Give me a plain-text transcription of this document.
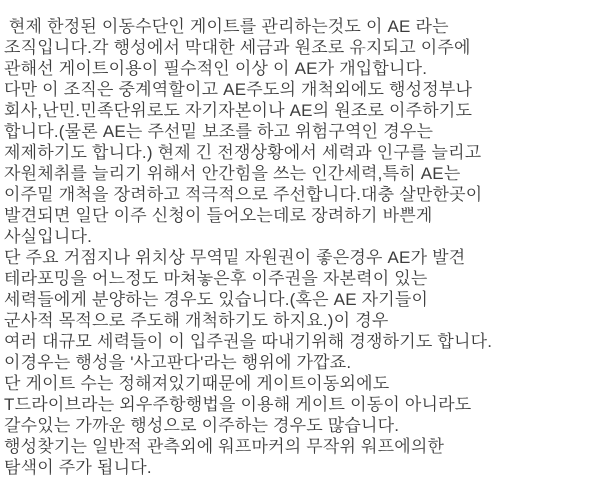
현제 한정된 이동수단인 게이트를 관리하는것도 이 AE 라는
조직입니다.각 행성에서 막대한 세금과 원조로 유지되고 이주에
관해선 게이트이용이 필수적인 이상 이 AE가 개입합니다.
다만 이 조직은 중계역할이고 AE주도의 개척외에도 행성정부나
회사,난민.민족단위로도 자기자본이나 AE의 원조로 이주하기도
합니다.(물론 AE는 주선밑 보조를 하고 위험구역인 경우는
제제하기도 합니다.) 현제 긴 전쟁상황에서 세력과 인구를 늘리고
자원체취를 늘리기 위해서 안간힘을 쓰는 인간세력,특히 AE는
이주밑 개척을 장려하고 적극적으로 주선합니다.대충 살만한곳이
발견되면 일단 이주 신청이 들어오는데로 장려하기 바쁜게
사실입니다.
단 주요 거점지나 위치상 무역밑 자원권이 좋은경우 AE가 발견
테라포밍을 어느정도 마쳐놓은후 이주권을 자본력이 있는
세력들에게 분양하는 경우도 있습니다.(혹은 AE 자기들이
군사적 목적으로 주도해 개척하기도 하지요.)이 경우
여러 대규모 세력들이 이 입주권을 따내기위해 경쟁하기도 합니다.
이경우는 행성을 '사고판다'라는 행위에 가깝죠.
단 게이트 수는 정해져있기때문에 게이트이동외에도
T드라이브라는 외우주항행법을 이용해 게이트 이동이 아니라도
갈수있는 가까운 행성으로 이주하는 경우도 많습니다.
행성찾기는 일반적 관측외에 워프마커의 무작위 워프에의한
탐색이 주가 됩니다.
